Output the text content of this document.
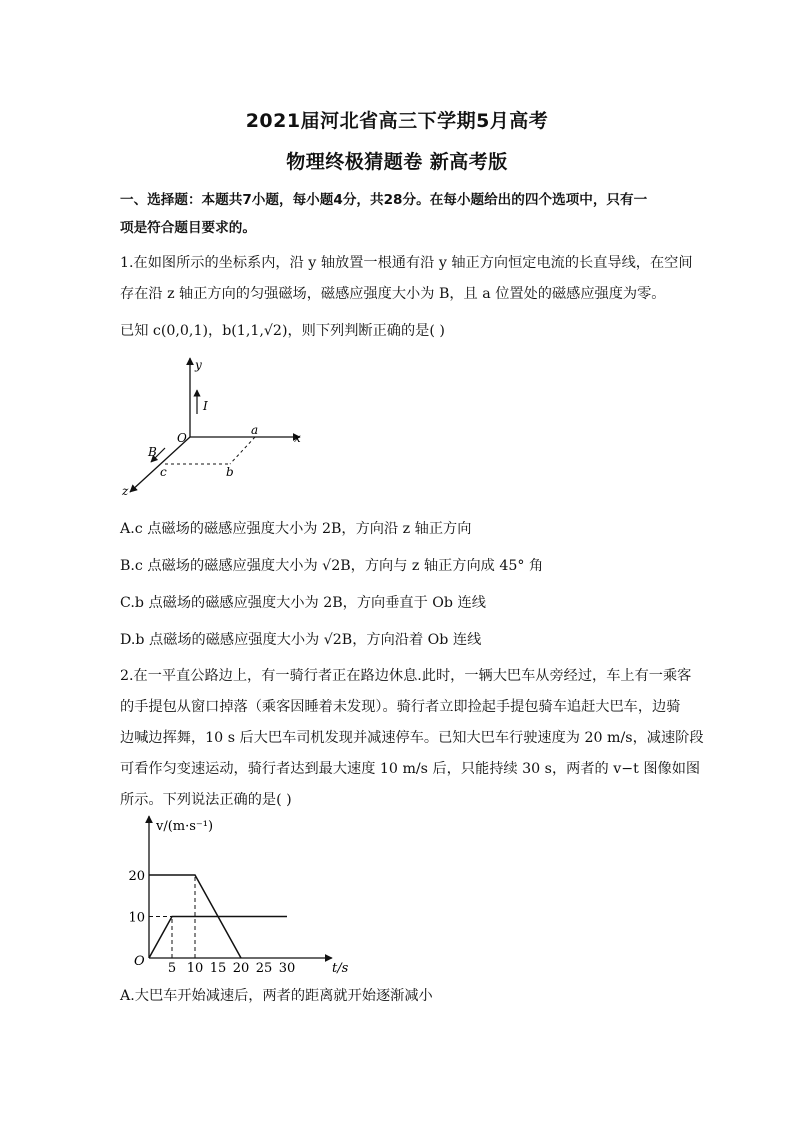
2021届河北省高三下学期5月高考
物理终极猜题卷 新高考版
一、选择题：本题共7小题，每小题4分，共28分。在每小题给出的四个选项中，只有一
项是符合题目要求的。
1.在如图所示的坐标系内，沿 y 轴放置一根通有沿 y 轴正方向恒定电流的长直导线，在空间
存在沿 z 轴正方向的匀强磁场，磁感应强度大小为 B，且 a 位置处的磁感应强度为零。
已知 c(0,0,1)，b(1,1,√2)，则下列判断正确的是( )
y
x
z
O
I
B
a
b
c
A.c 点磁场的磁感应强度大小为 2B，方向沿 z 轴正方向
B.c 点磁场的磁感应强度大小为 √2B，方向与 z 轴正方向成 45° 角
C.b 点磁场的磁感应强度大小为 2B，方向垂直于 Ob 连线
D.b 点磁场的磁感应强度大小为 √2B，方向沿着 Ob 连线
2.在一平直公路边上，有一骑行者正在路边休息.此时，一辆大巴车从旁经过，车上有一乘客
的手提包从窗口掉落（乘客因睡着未发现）。骑行者立即捡起手提包骑车追赶大巴车，边骑
边喊边挥舞，10 s 后大巴车司机发现并减速停车。已知大巴车行驶速度为 20 m/s，减速阶段
可看作匀变速运动，骑行者达到最大速度 10 m/s 后，只能持续 30 s，两者的 v−t 图像如图
所示。下列说法正确的是( )
5 10 15 20 25 30
10
20
v/(m·s⁻¹)
t/s
O
A.大巴车开始减速后，两者的距离就开始逐渐减小
